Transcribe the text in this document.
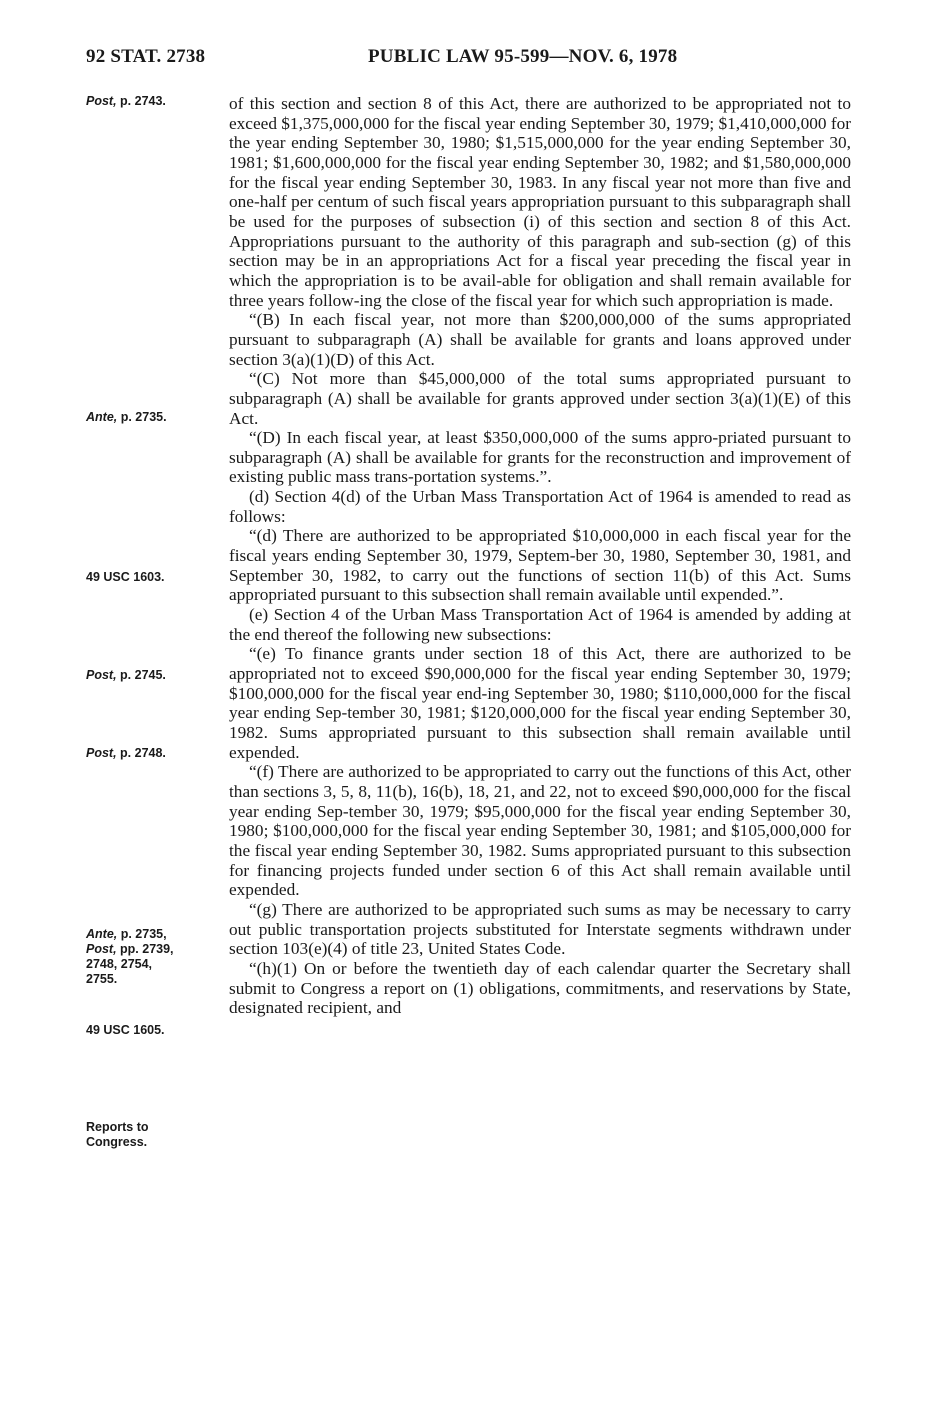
92 STAT. 2738	PUBLIC LAW 95-599—NOV. 6, 1978
Post, p. 2743.
Ante, p. 2735.
49 USC 1603.
Post, p. 2745.
Post, p. 2748.
Ante, p. 2735,
Post, pp. 2739,
2748, 2754,
2755.
49 USC 1605.
Reports to
Congress.

of this section and section 8 of this Act, there are authorized to be appropriated not to exceed $1,375,000,000 for the fiscal year ending September 30, 1979; $1,410,000,000 for the year ending September 30, 1980; $1,515,000,000 for the year ending September 30, 1981; $1,600,000,000 for the fiscal year ending September 30, 1982; and $1,580,000,000 for the fiscal year ending September 30, 1983. In any fiscal year not more than five and one-half per centum of such fiscal years appropriation pursuant to this subparagraph shall be used for the purposes of subsection (i) of this section and section 8 of this Act. Appropriations pursuant to the authority of this paragraph and sub-section (g) of this section may be in an appropriations Act for a fiscal year preceding the fiscal year in which the appropriation is to be avail-able for obligation and shall remain available for three years follow-ing the close of the fiscal year for which such appropriation is made.

“(B) In each fiscal year, not more than $200,000,000 of the sums appropriated pursuant to subparagraph (A) shall be available for grants and loans approved under section 3(a)(1)(D) of this Act.

“(C) Not more than $45,000,000 of the total sums appropriated pursuant to subparagraph (A) shall be available for grants approved under section 3(a)(1)(E) of this Act.

“(D) In each fiscal year, at least $350,000,000 of the sums appro-priated pursuant to subparagraph (A) shall be available for grants for the reconstruction and improvement of existing public mass trans-portation systems.”.

(d) Section 4(d) of the Urban Mass Transportation Act of 1964 is amended to read as follows:

“(d) There are authorized to be appropriated $10,000,000 in each fiscal year for the fiscal years ending September 30, 1979, Septem-ber 30, 1980, September 30, 1981, and September 30, 1982, to carry out the functions of section 11(b) of this Act. Sums appropriated pursuant to this subsection shall remain available until expended.”.

(e) Section 4 of the Urban Mass Transportation Act of 1964 is amended by adding at the end thereof the following new subsections:

“(e) To finance grants under section 18 of this Act, there are authorized to be appropriated not to exceed $90,000,000 for the fiscal year ending September 30, 1979; $100,000,000 for the fiscal year end-ing September 30, 1980; $110,000,000 for the fiscal year ending Sep-tember 30, 1981; $120,000,000 for the fiscal year ending September 30, 1982. Sums appropriated pursuant to this subsection shall remain available until expended.

“(f) There are authorized to be appropriated to carry out the functions of this Act, other than sections 3, 5, 8, 11(b), 16(b), 18, 21, and 22, not to exceed $90,000,000 for the fiscal year ending Sep-tember 30, 1979; $95,000,000 for the fiscal year ending September 30, 1980; $100,000,000 for the fiscal year ending September 30, 1981; and $105,000,000 for the fiscal year ending September 30, 1982. Sums appropriated pursuant to this subsection for financing projects funded under section 6 of this Act shall remain available until expended.

“(g) There are authorized to be appropriated such sums as may be necessary to carry out public transportation projects substituted for Interstate segments withdrawn under section 103(e)(4) of title 23, United States Code.

“(h)(1) On or before the twentieth day of each calendar quarter the Secretary shall submit to Congress a report on (1) obligations, commitments, and reservations by State, designated recipient, and
